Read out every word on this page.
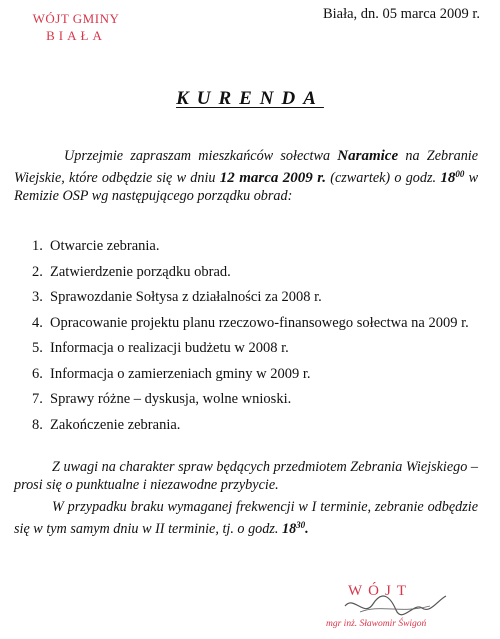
WÓJT GMINY
BIAŁA
Biała, dn. 05 marca 2009 r.
KURENDA
Uprzejmie zapraszam mieszkańców sołectwa Naramice na Zebranie Wiejskie, które odbędzie się w dniu 12 marca 2009 r. (czwartek) o godz. $18^{00}$ w Remizie OSP wg następującego porządku obrad:
1. Otwarcie zebrania.
2. Zatwierdzenie porządku obrad.
3. Sprawozdanie Sołtysa z działalności za 2008 r.
4. Opracowanie projektu planu rzeczowo-finansowego sołectwa na 2009 r.
5. Informacja o realizacji budżetu w 2008 r.
6. Informacja o zamierzeniach gminy w 2009 r.
7. Sprawy różne – dyskusja, wolne wnioski.
8. Zakończenie zebrania.
Z uwagi na charakter spraw będących przedmiotem Zebrania Wiejskiego – prosi się o punktualne i niezawodne przybycie.
W przypadku braku wymaganej frekwencji w I terminie, zebranie odbędzie się w tym samym dniu w II terminie, tj. o godz. $18^{30}$.
WÓJT
mgr inż. Sławomir Świgoń
